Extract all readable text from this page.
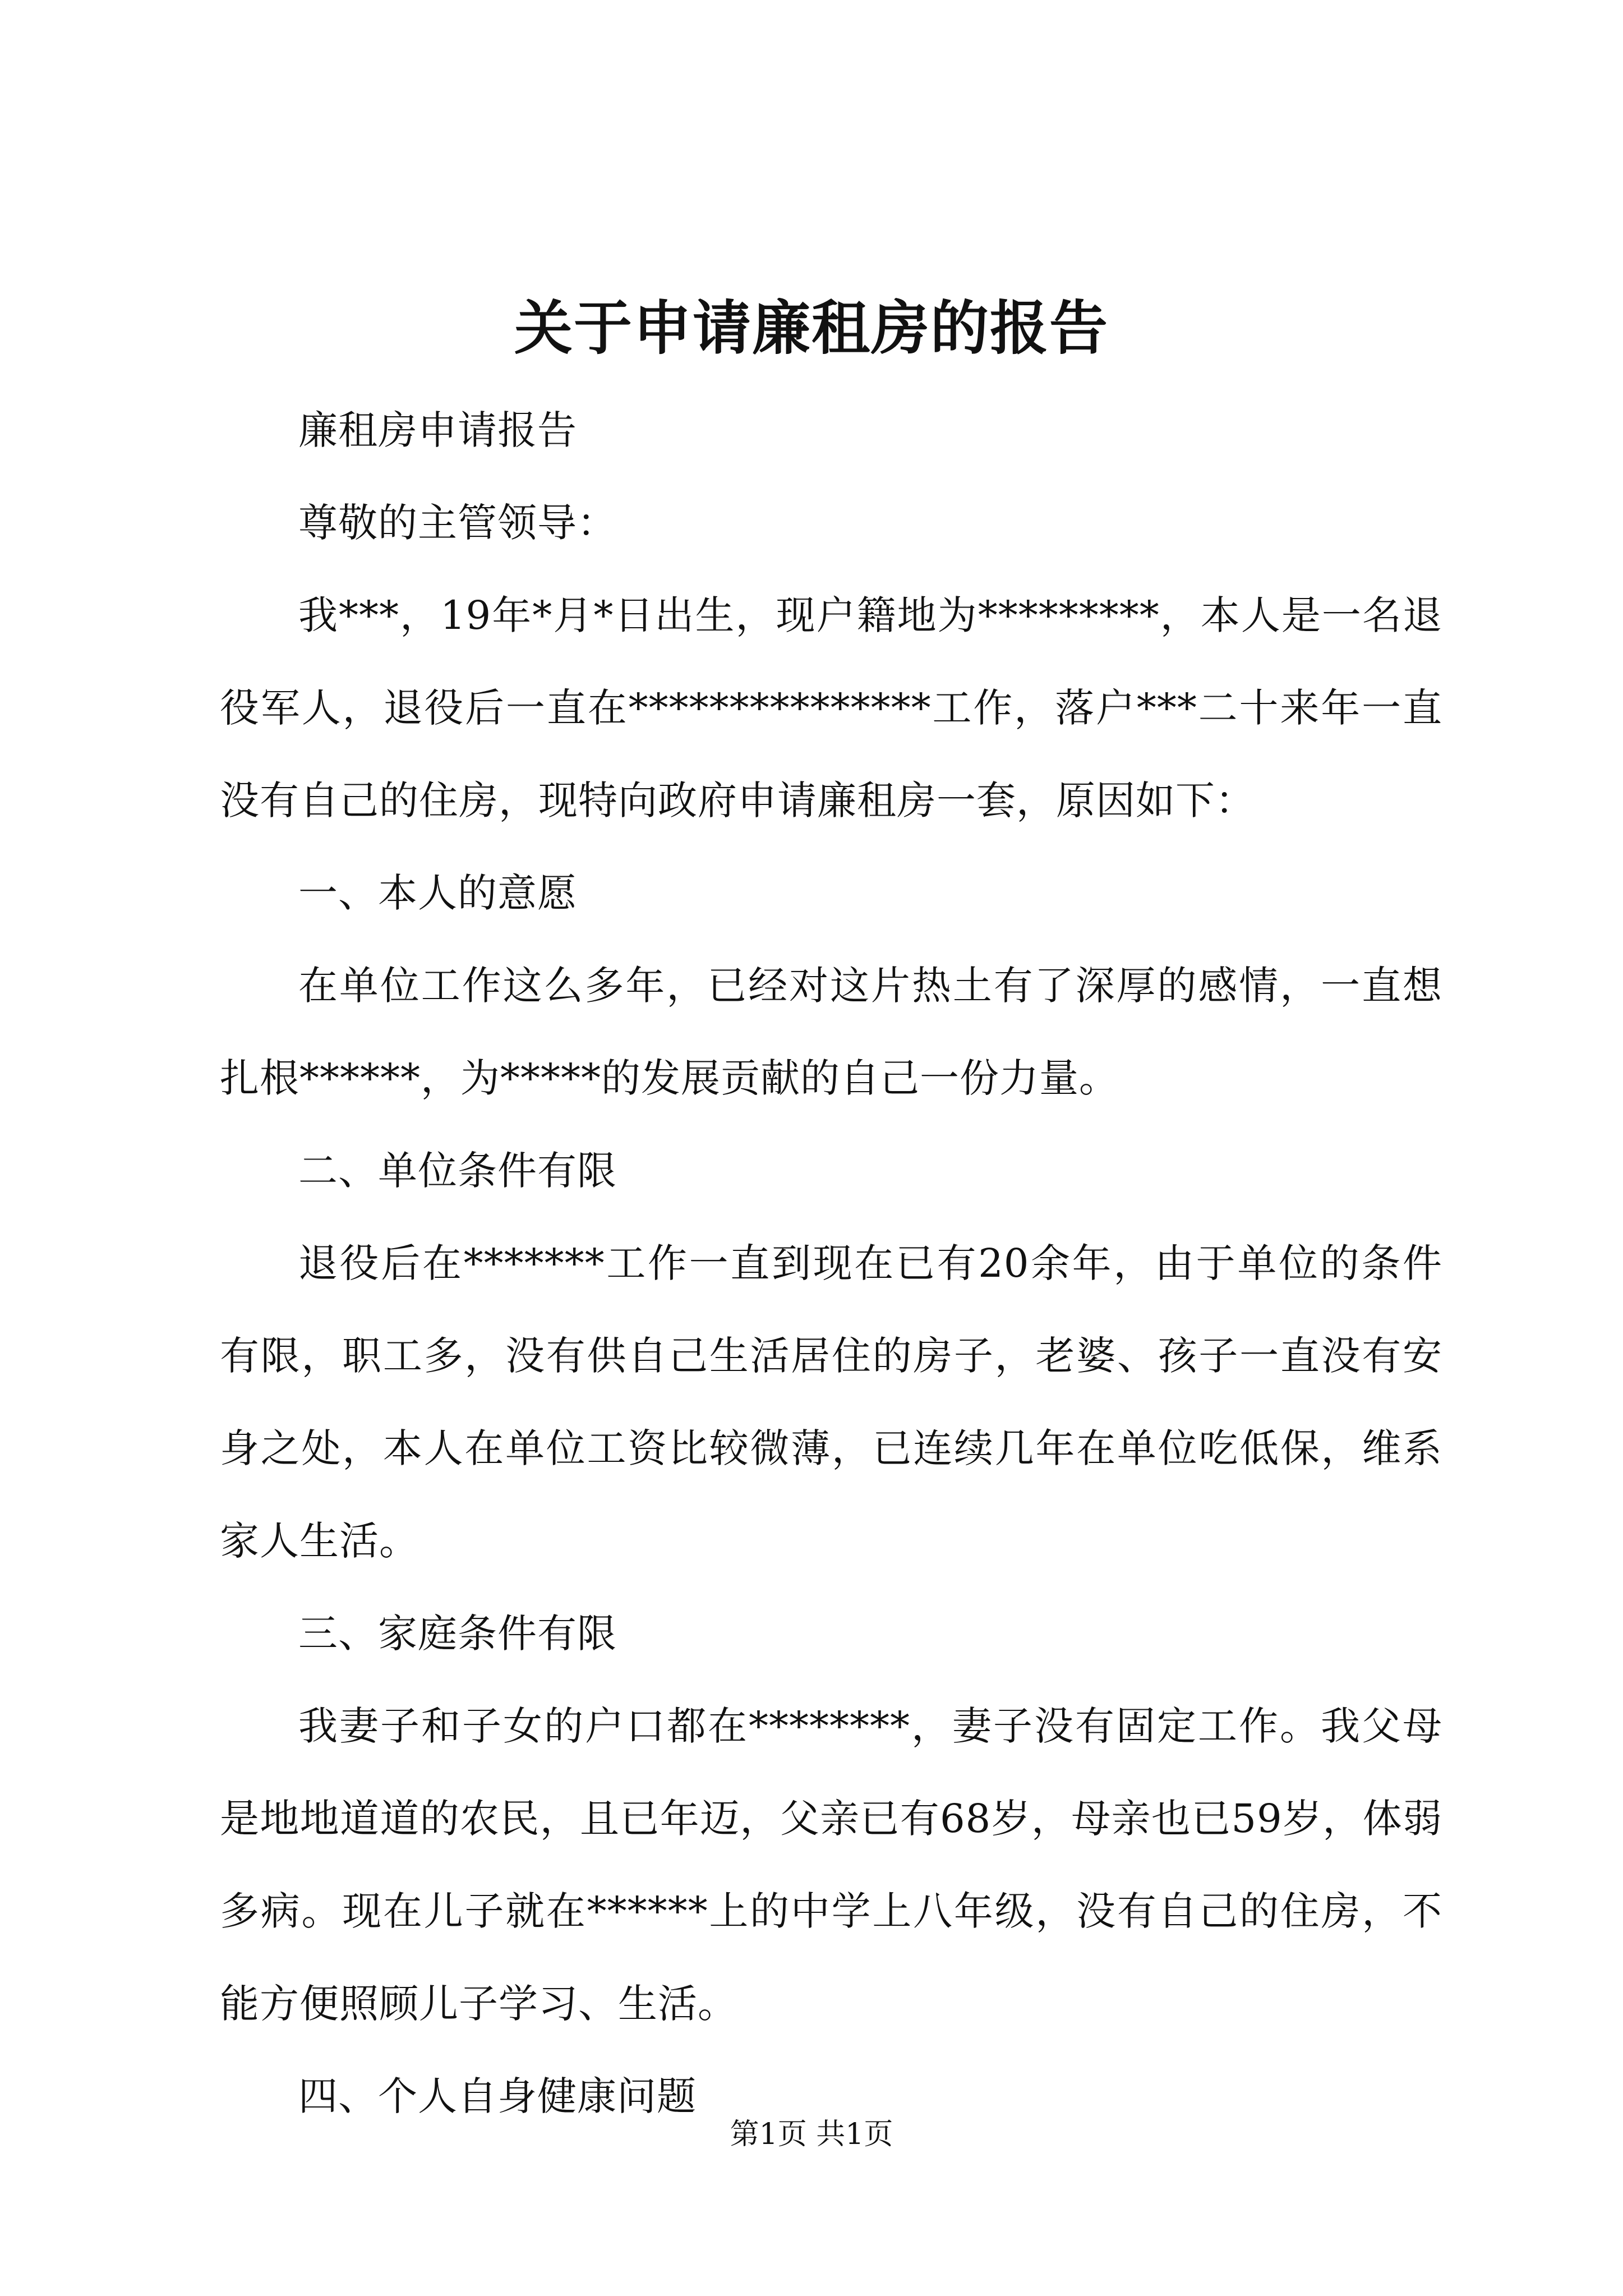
关于申请廉租房的报告

廉租房申请报告

尊敬的主管领导：

我***，19年*月*日出生，现户籍地为*********，本人是一名退役军人，退役后一直在***************工作，落户***二十来年一直没有自己的住房，现特向政府申请廉租房一套，原因如下：

一、本人的意愿

在单位工作这么多年，已经对这片热土有了深厚的感情，一直想扎根******，为*****的发展贡献的自己一份力量。

二、单位条件有限

退役后在*******工作一直到现在已有20余年，由于单位的条件有限，职工多，没有供自己生活居住的房子，老婆、孩子一直没有安身之处，本人在单位工资比较微薄，已连续几年在单位吃低保，维系家人生活。

三、家庭条件有限

我妻子和子女的户口都在********，妻子没有固定工作。我父母是地地道道的农民，且已年迈，父亲已有68岁，母亲也已59岁，体弱多病。现在儿子就在******上的中学上八年级，没有自己的住房，不能方便照顾儿子学习、生活。

四、个人自身健康问题

第1页 共1页
